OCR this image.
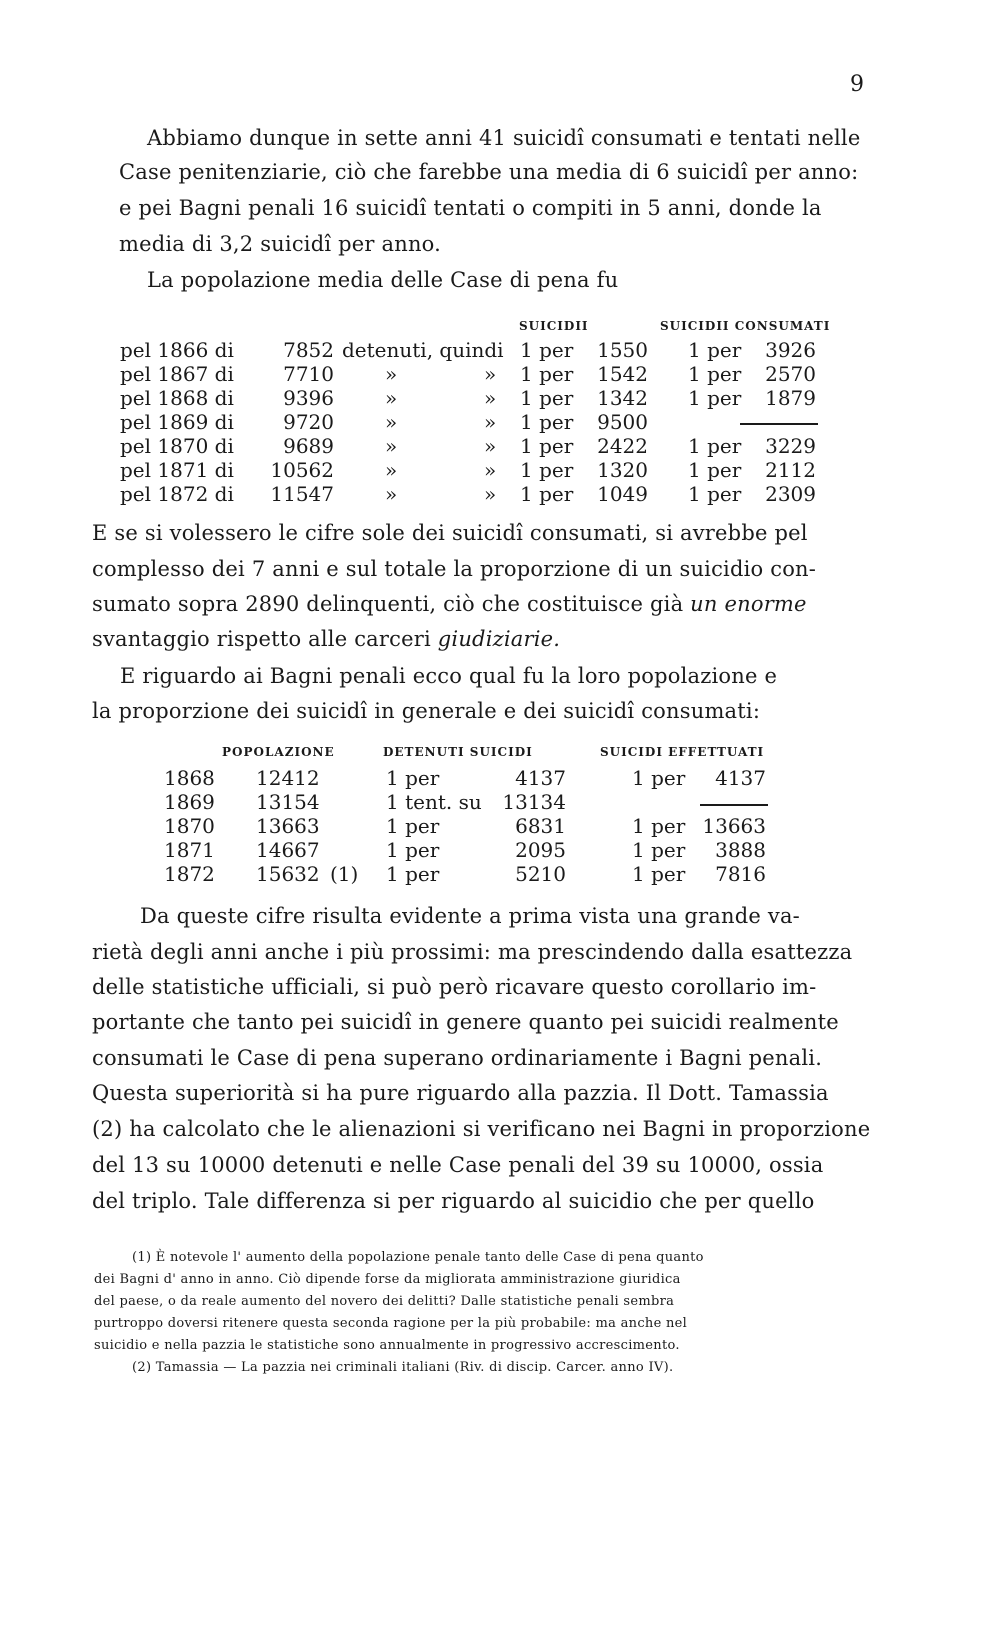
9
Abbiamo dunque in sette anni 41 suicidî consumati e tentati nelle
Case penitenziarie, ciò che farebbe una media di 6 suicidî per anno:
e pei Bagni penali 16 suicidî tentati o compiti in 5 anni, donde la
media di 3,2 suicidî per anno.
La popolazione media delle Case di pena fu
SUICIDII	SUICIDII CONSUMATI
pel 1866 di	7852 detenuti, quindi 1 per	1550 1 per	3926
pel 1867 di	7710	»	» 1 per	1542 1 per	2570
pel 1868 di	9396	»	» 1 per	1342 1 per	1879
pel 1869 di	9720	»	» 1 per	9500
pel 1870 di	9689	»	» 1 per	2422 1 per	3229
pel 1871 di	10562	»	» 1 per	1320 1 per	2112
pel 1872 di	11547	»	» 1 per	1049 1 per	2309
E se si volessero le cifre sole dei suicidî consumati, si avrebbe pel
complesso dei 7 anni e sul totale la proporzione di un suicidio con-
sumato sopra 2890 delinquenti, ciò che costituisce già un enorme
svantaggio rispetto alle carceri giudiziarie.
E riguardo ai Bagni penali ecco qual fu la loro popolazione e
la proporzione dei suicidî in generale e dei suicidî consumati:
POPOLAZIONE	DETENUTI SUICIDI	SUICIDI EFFETTUATI
1868 12412	1 per	4137	1 per	4137
1869 13154	1 tent. su	13134
1870 13663	1 per	6831	1 per 13663
1871 14667	1 per	2095	1 per	3888
1872 15632 (1) 1 per	5210	1 per	7816
Da queste cifre risulta evidente a prima vista una grande va-
rietà degli anni anche i più prossimi: ma prescindendo dalla esattezza
delle statistiche ufficiali, si può però ricavare questo corollario im-
portante che tanto pei suicidî in genere quanto pei suicidi realmente
consumati le Case di pena superano ordinariamente i Bagni penali.
Questa superiorità si ha pure riguardo alla pazzia. Il Dott. Tamassia
(2) ha calcolato che le alienazioni si verificano nei Bagni in proporzione
del 13 su 10000 detenuti e nelle Case penali del 39 su 10000, ossia
del triplo. Tale differenza si per riguardo al suicidio che per quello
(1) È notevole l' aumento della popolazione penale tanto delle Case di pena quanto
dei Bagni d' anno in anno. Ciò dipende forse da migliorata amministrazione giuridica
del paese, o da reale aumento del novero dei delitti? Dalle statistiche penali sembra
purtroppo doversi ritenere questa seconda ragione per la più probabile: ma anche nel
suicidio e nella pazzia le statistiche sono annualmente in progressivo accrescimento.
(2) Tamassia — La pazzia nei criminali italiani (Riv. di discip. Carcer. anno IV).
